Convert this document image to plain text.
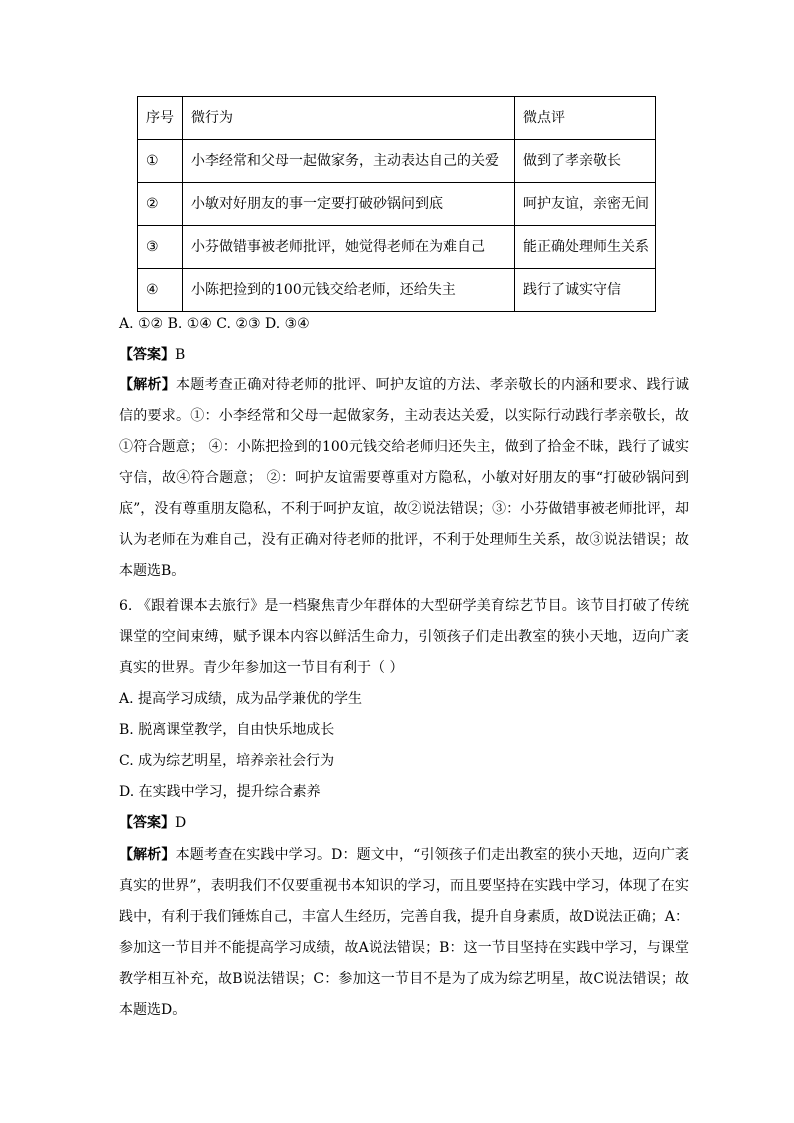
序号	微行为	微点评
①	小李经常和父母一起做家务，主动表达自己的关爱	做到了孝亲敬长
②	小敏对好朋友的事一定要打破砂锅问到底	呵护友谊，亲密无间
③	小芬做错事被老师批评，她觉得老师在为难自己	能正确处理师生关系
④	小陈把捡到的100元钱交给老师，还给失主	践行了诚实守信
A. ①② B. ①④ C. ②③ D. ③④
【答案】B

【解析】本题考查正确对待老师的批评、呵护友谊的方法、孝亲敬长的内涵和要求、践行诚信的要求。①：小李经常和父母一起做家务，主动表达关爱，以实际行动践行孝亲敬长，故①符合题意； ④：小陈把捡到的100元钱交给老师归还失主，做到了拾金不昧，践行了诚实守信，故④符合题意； ②：呵护友谊需要尊重对方隐私，小敏对好朋友的事“打破砂锅问到底”，没有尊重朋友隐私，不利于呵护友谊，故②说法错误；③：小芬做错事被老师批评，却认为老师在为难自己，没有正确对待老师的批评，不利于处理师生关系，故③说法错误；故本题选B。

6. 《跟着课本去旅行》是一档聚焦青少年群体的大型研学美育综艺节目。该节目打破了传统课堂的空间束缚，赋予课本内容以鲜活生命力，引领孩子们走出教室的狭小天地，迈向广袤真实的世界。青少年参加这一节目有利于（ ）

A. 提高学习成绩，成为品学兼优的学生
B. 脱离课堂教学，自由快乐地成长
C. 成为综艺明星，培养亲社会行为
D. 在实践中学习，提升综合素养
【答案】D

【解析】本题考查在实践中学习。D：题文中，“引领孩子们走出教室的狭小天地，迈向广袤真实的世界”，表明我们不仅要重视书本知识的学习，而且要坚持在实践中学习，体现了在实践中，有利于我们锤炼自己，丰富人生经历，完善自我，提升自身素质，故D说法正确；A：参加这一节目并不能提高学习成绩，故A说法错误；B：这一节目坚持在实践中学习，与课堂教学相互补充，故B说法错误；C：参加这一节目不是为了成为综艺明星，故C说法错误；故本题选D。
